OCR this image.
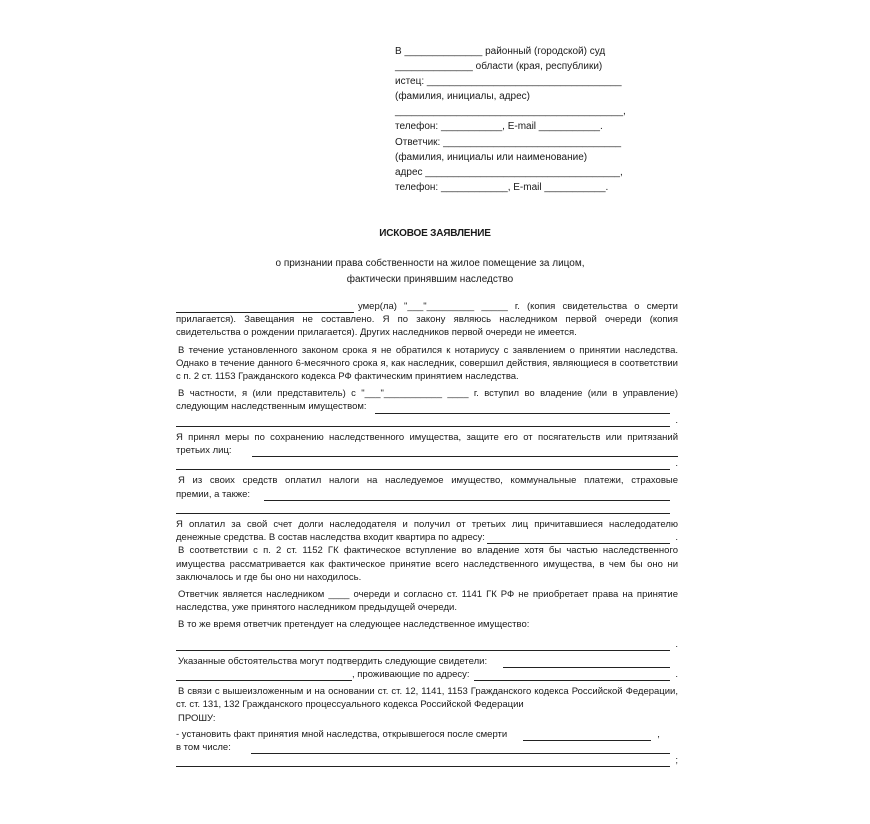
В ______________ районный (городской) суд
______________ области (края, республики)
истец: ___________________________________
(фамилия, инициалы, адрес)
_________________________________________,
телефон: ___________, E-mail ___________.
Ответчик: ________________________________
(фамилия, инициалы или наименование)
адрес ___________________________________,
телефон: ____________, E-mail ___________.
ИСКОВОЕ ЗАЯВЛЕНИЕ
о признании права собственности на жилое помещение за лицом,
фактически принявшим наследство
умер(ла) "___"_________ _____ г. (копия свидетельства о смерти

прилагается). Завещания не составлено. Я по закону являюсь наследником первой очереди (копия свидетельства о рождении прилагается). Других наследников первой очереди не имеется.

В течение установленного законом срока я не обратился к нотариусу с заявлением о принятии наследства. Однако в течение данного 6-месячного срока я, как наследник, совершил действия, являющиеся в соответствии с п. 2 ст. 1153 Гражданского кодекса РФ фактическим принятием наследства.

В частности, я (или представитель) с "___"___________ ____ г. вступил во владение (или в управление)

следующим наследственным имуществом:
.

Я принял меры по сохранению наследственного имущества, защите его от посягательств или притязаний

третьих лиц:
.

Я из своих средств оплатил налоги на наследуемое имущество, коммунальные платежи, страховые

премии, а также:

Я оплатил за свой счет долги наследодателя и получил от третьих лиц причитавшиеся наследодателю

денежные средства. В состав наследства входит квартира по адресу:	.

В соответствии с п. 2 ст. 1152 ГК фактическое вступление во владение хотя бы частью наследственного имущества рассматривается как фактическое принятие всего наследственного имущества, в чем бы оно ни заключалось и где бы оно ни находилось.

Ответчик является наследником ____ очереди и согласно ст. 1141 ГК РФ не приобретает права на принятие наследства, уже принятого наследником предыдущей очереди.

В то же время ответчик претендует на следующее наследственное имущество:

.
Указанные обстоятельства могут подтвердить следующие свидетели:
, проживающие по адресу:	.

В связи с вышеизложенным и на основании ст. ст. 12, 1141, 1153 Гражданского кодекса Российской Федерации, ст. ст. 131, 132 Гражданского процессуального кодекса Российской Федерации

ПРОШУ:
- установить факт принятия мной наследства, открывшегося после смерти	,
в том числе:
;
